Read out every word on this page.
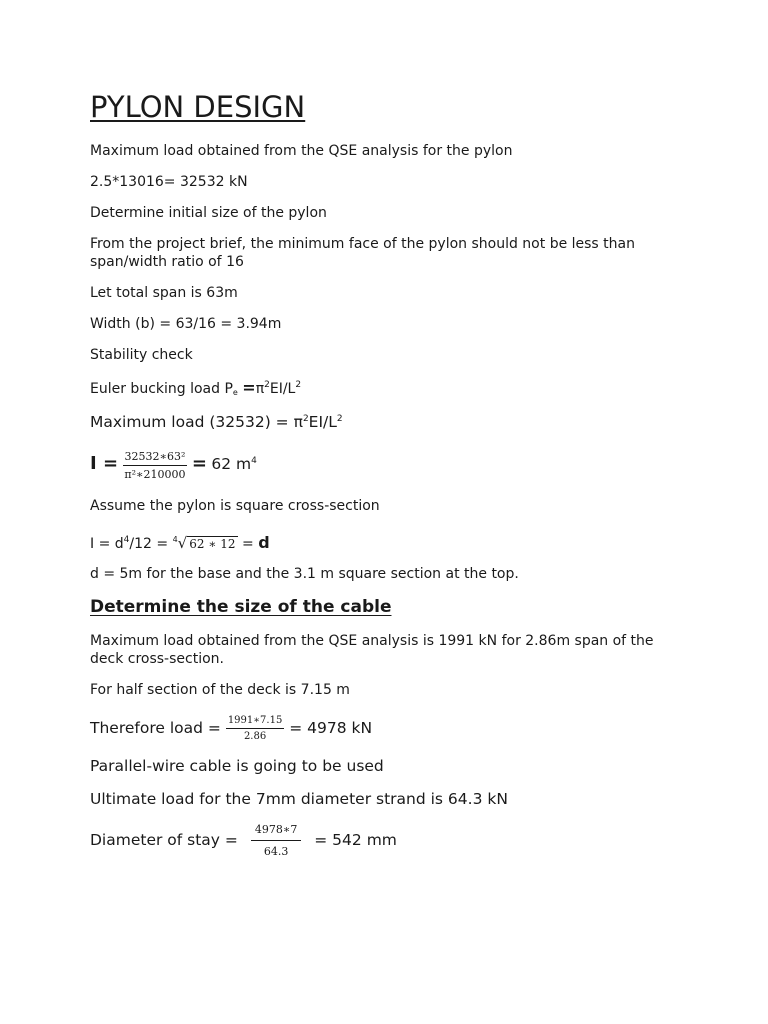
PYLON DESIGN
Maximum load obtained from the QSE analysis for the pylon
2.5*13016= 32532 kN
Determine initial size of the pylon
From the project brief, the minimum face of the pylon should not be less than
span/width ratio of 16
Let total span is 63m
Width (b) = 63/16 = 3.94m
Stability check
Euler bucking load $P_e =\pi^2EI/L^2$
Maximum load $(32532) = \pi^2EI/L^2$
$I = \frac{\text{32532∗63²}}{\text{π²∗210000}} = 62$ $m^4$
Assume the pylon is square cross-section
$I = d^4/12 = ^4√$ 62 ∗ 12 = d
d = 5m for the base and the 3.1 m square section at the top.
Determine the size of the cable
Maximum load obtained from the QSE analysis is 1991 kN for 2.86m span of the
deck cross-section.
For half section of the deck is 7.15 m
Therefore load = $\frac{1991∗7.15}{2.86} = 4978$ kN
Parallel-wire cable is going to be used
Ultimate load for the 7mm diameter strand is 64.3 kN
Diameter of stay = $\frac{4978∗7}{64.3} = 542$ mm
